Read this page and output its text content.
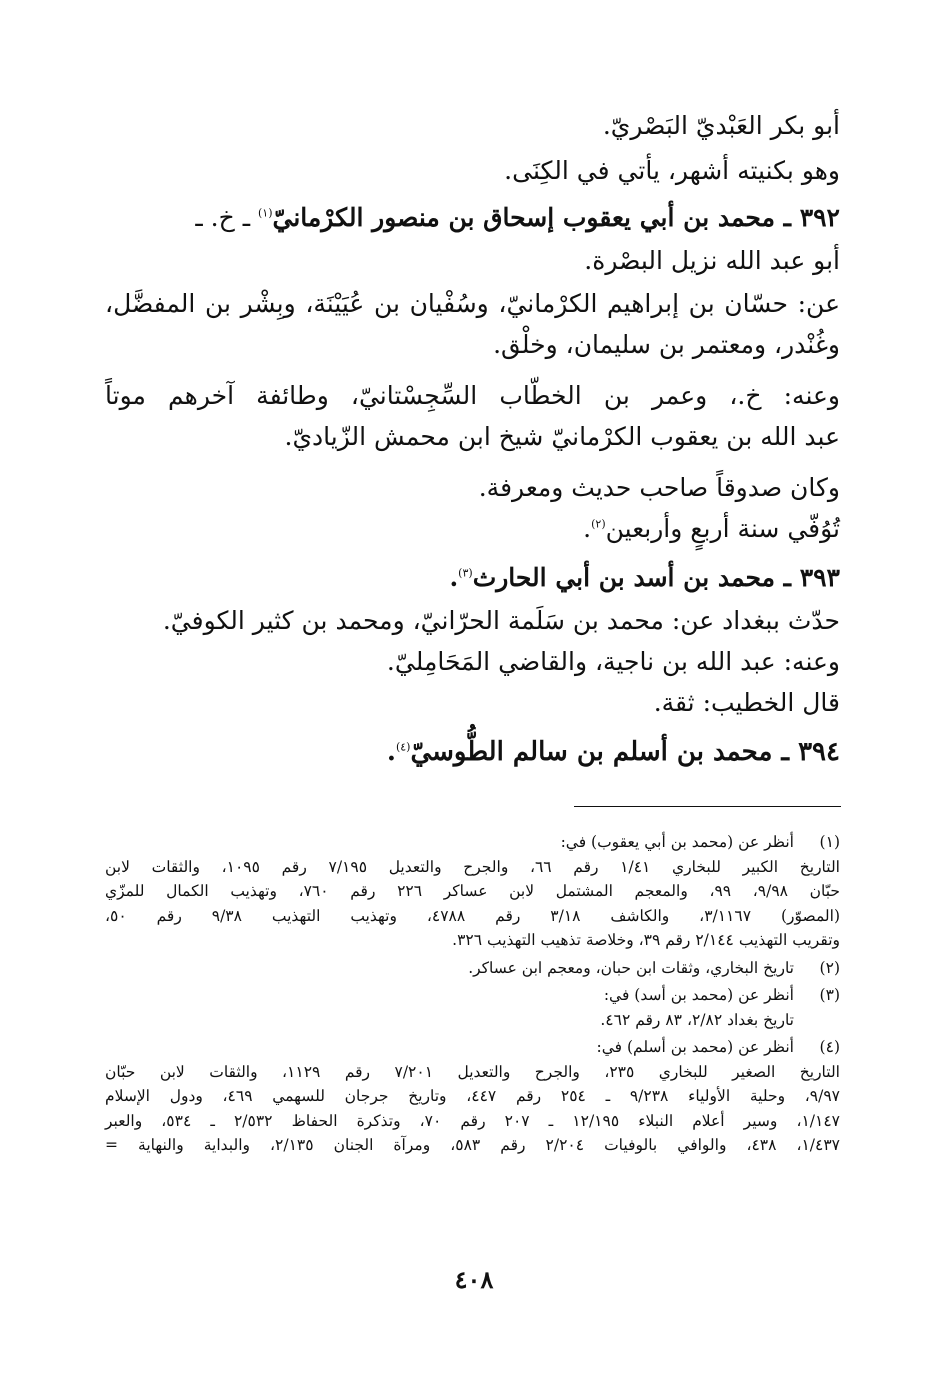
أبو بكر العَبْديّ البَصْريّ.

وهو بكنيته أشهر، يأتي في الكِنَى.

٣٩٢ ـ محمد بن أبي يعقوب إسحاق بن منصور الكرْمانيّ$^{(١)}$ ـ خ. ـ

أبو عبد الله نزيل البصْرة.

عن: حسّان بن إبراهيم الكرْمانيّ، وسُفْيان بن عُيَيْنَة، وبِشْر بن المفضَّل،

وغُنْدر، ومعتمر بن سليمان، وخلْق.

وعنه: خ.، وعمر بن الخطّاب السِّجِسْتانيّ، وطائفة آخرهم موتاً

عبد الله بن يعقوب الكرْمانيّ شيخ ابن محمش الزّياديّ.

وكان صدوقاً صاحب حديث ومعرفة.

تُوُفّي سنة أربعٍ وأربعين$^{(٢)}$.

٣٩٣ ـ محمد بن أسد بن أبي الحارث$^{(٣)}$.

حدّث ببغداد عن: محمد بن سَلَمة الحرّانيّ، ومحمد بن كثير الكوفيّ.

وعنه: عبد الله بن ناجية، والقاضي المَحَامِليّ.

قال الخطيب: ثقة.

٣٩٤ ـ محمد بن أسلم بن سالم الطُّوسيّ$^{(٤)}$.

(١)
أنظر عن (محمد بن أبي يعقوب) في:

التاريخ الكبير للبخاري ١/٤١ رقم ٦٦، والجرح والتعديل ٧/١٩٥ رقم ١٠٩٥، والثقات لابن

حبّان ٩/٩٨، ٩٩، والمعجم المشتمل لابن عساكر ٢٢٦ رقم ٧٦٠، وتهذيب الكمال للمزّي

(المصوّر) ٣/١١٦٧، والكاشف ٣/١٨ رقم ٤٧٨٨، وتهذيب التهذيب ٩/٣٨ رقم ٥٠،

وتقريب التهذيب ٢/١٤٤ رقم ٣٩، وخلاصة تذهيب التهذيب ٣٢٦.

(٢)
تاريخ البخاري، وثقات ابن حبان، ومعجم ابن عساكر.
(٣)
أنظر عن (محمد بن أسد) في:
تاريخ بغداد ٢/٨٢، ٨٣ رقم ٤٦٢.
(٤)
أنظر عن (محمد بن أسلم) في:

التاريخ الصغير للبخاري ٢٣٥، والجرح والتعديل ٧/٢٠١ رقم ١١٢٩، والثقات لابن حبّان

٩/٩٧، وحلية الأولياء ٩/٢٣٨ ـ ٢٥٤ رقم ٤٤٧، وتاريخ جرجان للسهمي ٤٦٩، ودول الإسلام

١/١٤٧، وسير أعلام النبلاء ١٢/١٩٥ ـ ٢٠٧ رقم ٧٠، وتذكرة الحفاظ ٢/٥٣٢ ـ ٥٣٤، والعبر

١/٤٣٧، ٤٣٨، والوافي بالوفيات ٢/٢٠٤ رقم ٥٨٣، ومرآة الجنان ٢/١٣٥، والبداية والنهاية =

٤٠٨
